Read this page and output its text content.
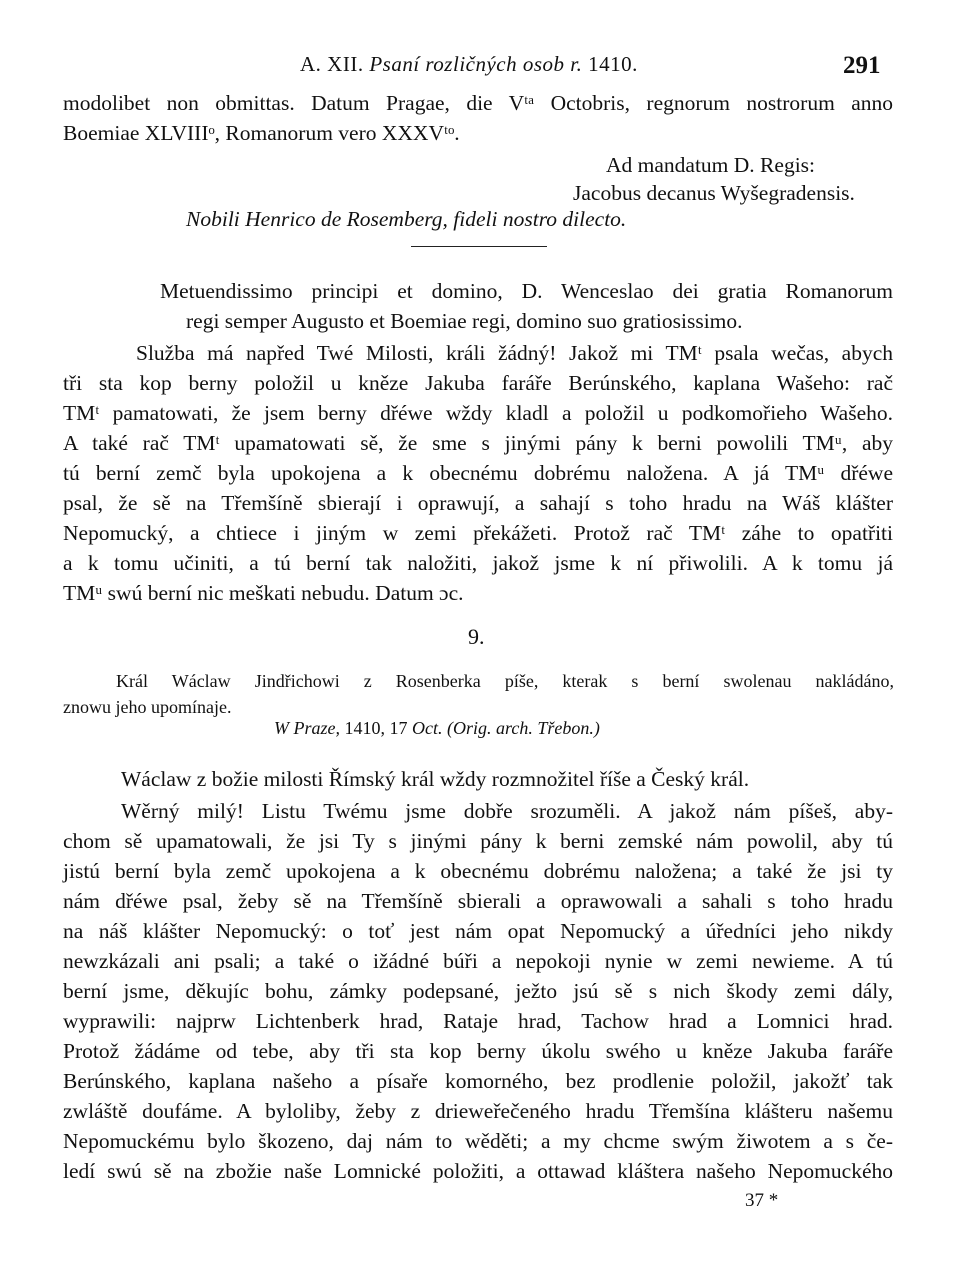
A. XII. Psaní rozličných osob r. 1410.	291
modolibet non obmittas. Datum Pragae, die Vᵗᵃ Octobris, regnorum nostrorum anno
Boemiae XLVIIIᵒ, Romanorum vero XXXVᵗᵒ.
Ad mandatum D. Regis:
Jacobus decanus Wyšegradensis.
Nobili Henrico de Rosemberg, fideli nostro dilecto.
Metuendissimo principi et domino, D. Wenceslao dei gratia Romanorum
regi semper Augusto et Boemiae regi, domino suo gratiosissimo.
Služba má napřed Twé Milosti, králi žádný! Jakož mi TMᵗ psala wečas, abych
tři sta kop berny položil u kněze Jakuba faráře Berúnského, kaplana Wašeho: rač
TMᵗ pamatowati, že jsem berny dřéwe wždy kladl a položil u podkomořieho Wašeho.
A také rač TMᵗ upamatowati sě, že sme s jinými pány k berni powolili TMᵘ, aby
tú berní zemč byla upokojena a k obecnému dobrému naložena. A já TMᵘ dřéwe
psal, že sě na Třemšíně sbierají i oprawují, a sahají s toho hradu na Wáš klášter
Nepomucký, a chtiece i jiným w zemi překážeti. Protož rač TMᵗ záhe to opatřiti
a k tomu učiniti, a tú berní tak naložiti, jakož jsme k ní přiwolili. A k tomu já
TMᵘ swú berní nic meškati nebudu. Datum ɔc.
9.
Král Wáclaw Jindřichowi z Rosenberka píše, kterak s berní swolenau nakládáno,
znowu jeho upomínaje.
W Praze, 1410, 17 Oct. (Orig. arch. Třebon.)
Wáclaw z božie milosti Římský král wždy rozmnožitel říše a Český král.
Wěrný milý! Listu Twému jsme dobře srozuměli. A jakož nám píšeš, aby-
chom sě upamatowali, že jsi Ty s jinými pány k berni zemské nám powolil, aby tú
jistú berní byla zemč upokojena a k obecnému dobrému naložena; a také že jsi ty
nám dřéwe psal, žeby sě na Třemšíně sbierali a oprawowali a sahali s toho hradu
na náš klášter Nepomucký: o toť jest nám opat Nepomucký a úředníci jeho nikdy
newzkázali ani psali; a také o ižádné búři a nepokoji nynie w zemi newieme. A tú
berní jsme, děkujíc bohu, zámky podepsané, ježto jsú sě s nich škody zemi dály,
wyprawili: najprw Lichtenberk hrad, Rataje hrad, Tachow hrad a Lomnici hrad.
Protož žádáme od tebe, aby tři sta kop berny úkolu swého u kněze Jakuba faráře
Berúnského, kaplana našeho a písaře komorného, bez prodlenie položil, jakožť tak
zwláště doufáme. A byloliby, žeby z drieweřečeného hradu Třemšína klášteru našemu
Nepomuckému bylo škozeno, daj nám to wěděti; a my chcme swým žiwotem a s če-
ledí swú sě na zbožie naše Lomnické položiti, a ottawad kláštera našeho Nepomuckého
37 *
